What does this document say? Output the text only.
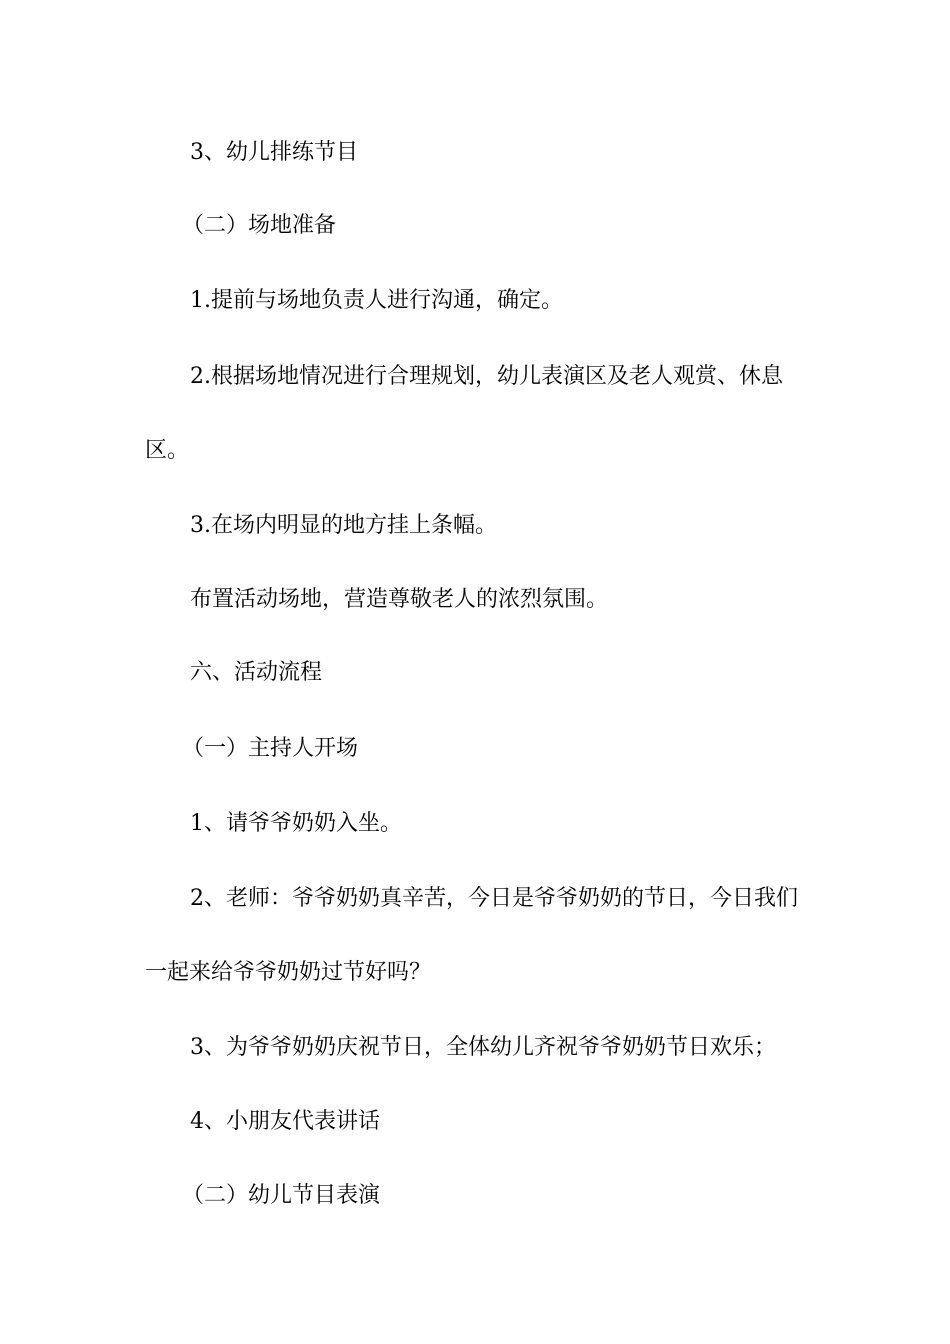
3、幼儿排练节目
（二）场地准备
1.提前与场地负责人进行沟通，确定。
2.根据场地情况进行合理规划，幼儿表演区及老人观赏、休息
区。
3.在场内明显的地方挂上条幅。
布置活动场地，营造尊敬老人的浓烈氛围。
六、活动流程
（一）主持人开场
1、请爷爷奶奶入坐。
2、老师：爷爷奶奶真辛苦，今日是爷爷奶奶的节日，今日我们
一起来给爷爷奶奶过节好吗？
3、为爷爷奶奶庆祝节日，全体幼儿齐祝爷爷奶奶节日欢乐；
4、小朋友代表讲话
（二）幼儿节目表演
